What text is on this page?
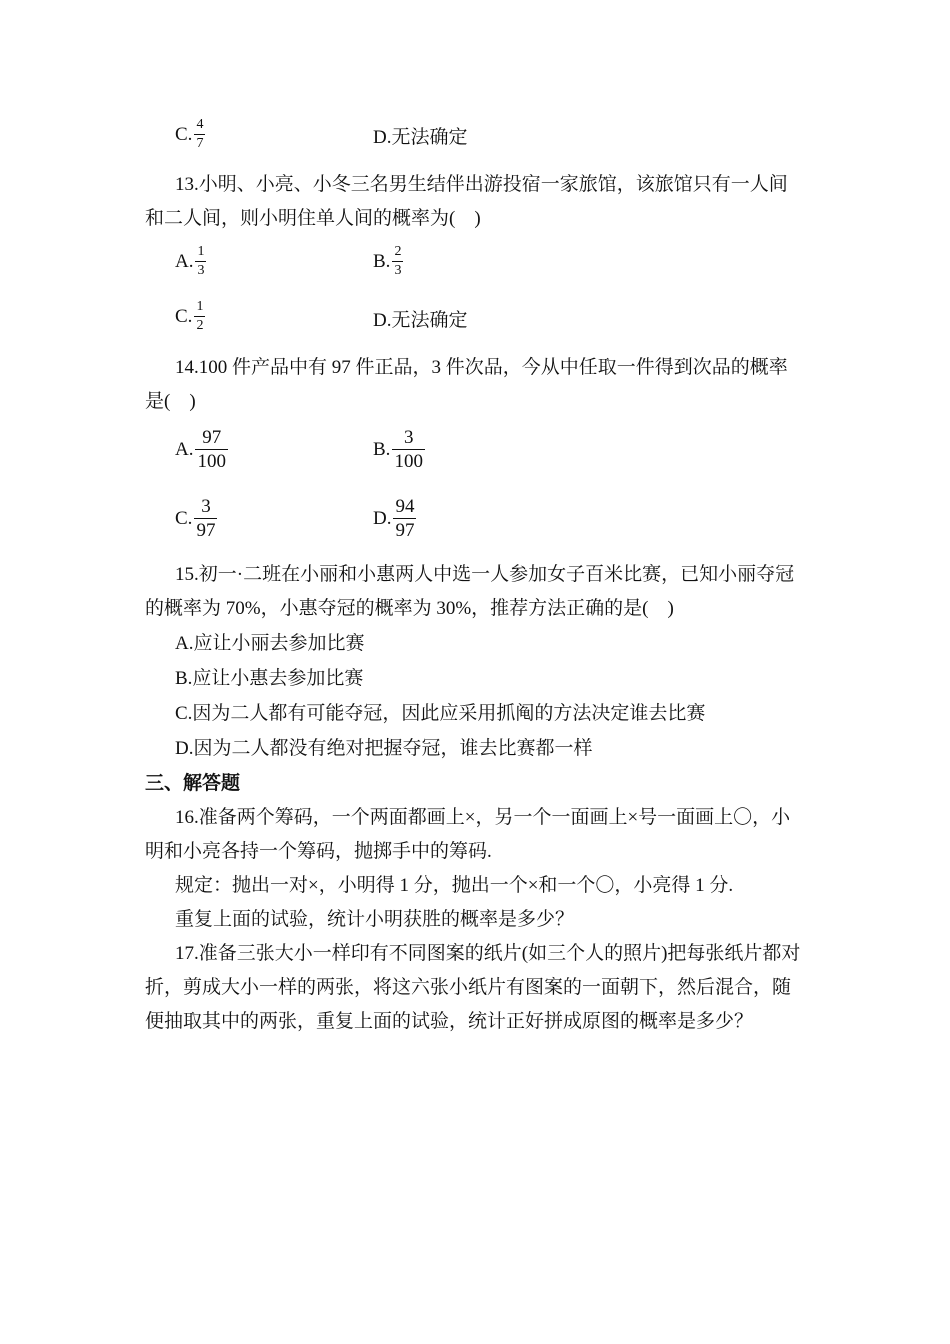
C. $\frac{4}{7}$	D.无法确定
13.小明、小亮、小冬三名男生结伴出游投宿一家旅馆，该旅馆只有一人间
和二人间，则小明住单人间的概率为(　)
A. $\frac{1}{3}$	B. $\frac{2}{3}$
C. $\frac{1}{2}$	D.无法确定
14.100 件产品中有 97 件正品，3 件次品，今从中任取一件得到次品的概率
是(　)
A. $\frac{97}{100}$	B. $\frac{3}{100}$
C. $\frac{3}{97}$	D. $\frac{94}{97}$
15.初一·二班在小丽和小惠两人中选一人参加女子百米比赛，已知小丽夺冠
的概率为 70%，小惠夺冠的概率为 30%，推荐方法正确的是(　)
A.应让小丽去参加比赛
B.应让小惠去参加比赛
C.因为二人都有可能夺冠，因此应采用抓阄的方法决定谁去比赛
D.因为二人都没有绝对把握夺冠，谁去比赛都一样
三、解答题
16.准备两个筹码，一个两面都画上×，另一个一面画上×号一面画上〇，小
明和小亮各持一个筹码，抛掷手中的筹码.
规定：抛出一对×，小明得 1 分，抛出一个×和一个〇，小亮得 1 分.
重复上面的试验，统计小明获胜的概率是多少？
17.准备三张大小一样印有不同图案的纸片(如三个人的照片)把每张纸片都对
折，剪成大小一样的两张，将这六张小纸片有图案的一面朝下，然后混合，随
便抽取其中的两张，重复上面的试验，统计正好拼成原图的概率是多少？
